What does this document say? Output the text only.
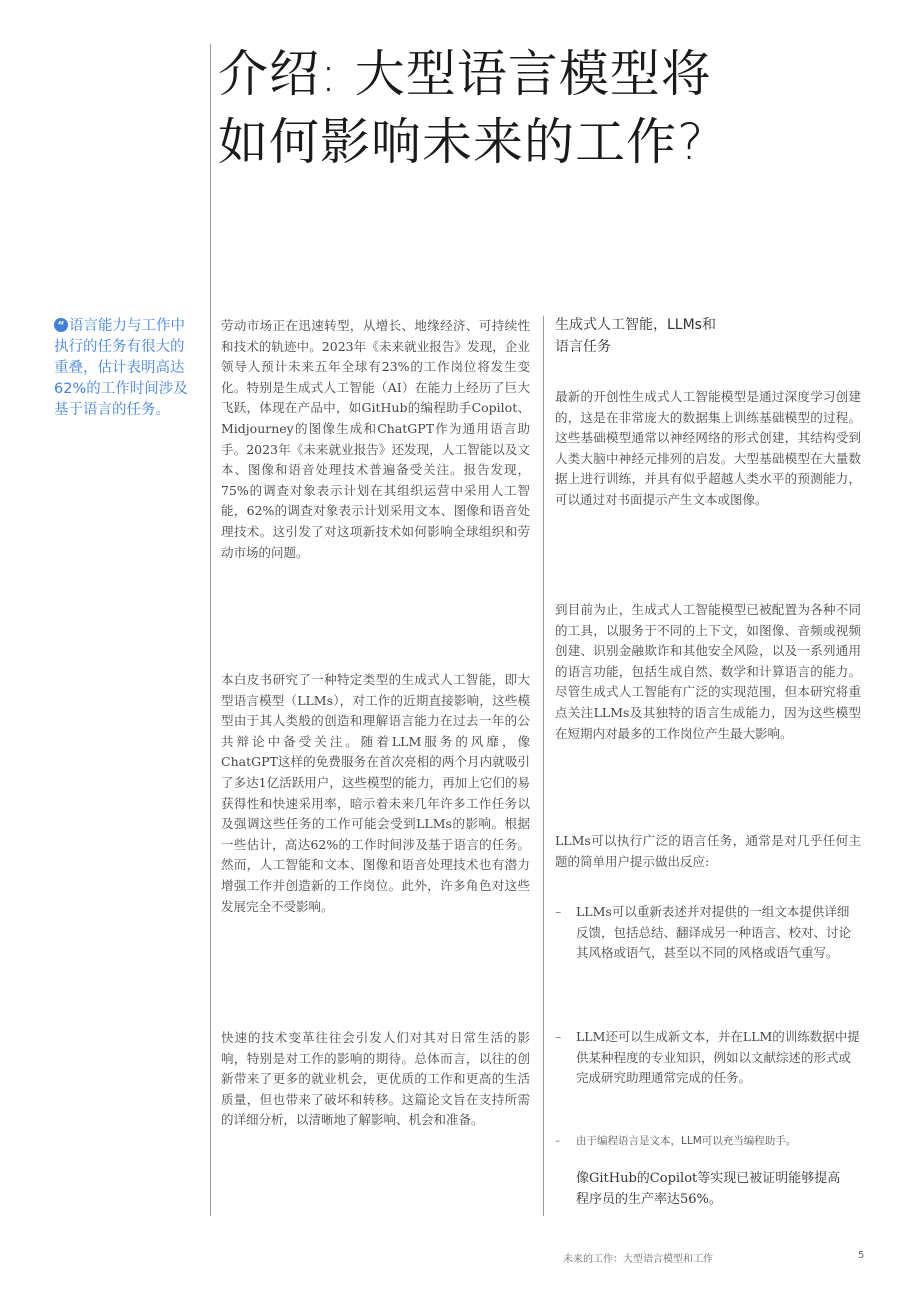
介绍: 大型语言模型将
如何影响未来的工作?
“ 语言能力与工作中执行的任务有很大的重叠，估计表明高达62%的工作时间涉及基于语言的任务。
劳动市场正在迅速转型，从增长、地缘经济、可持续性和技术的轨迹中。2023年《未来就业报告》发现，企业领导人预计未来五年全球有23%的工作岗位将发生变化。特别是生成式人工智能（AI）在能力上经历了巨大飞跃，体现在产品中，如GitHub的编程助手Copilot、Midjourney的图像生成和ChatGPT作为通用语言助手。2023年《未来就业报告》还发现，人工智能以及文本、图像和语音处理技术普遍备受关注。报告发现，75%的调查对象表示计划在其组织运营中采用人工智能，62%的调查对象表示计划采用文本、图像和语音处理技术。这引发了对这项新技术如何影响全球组织和劳动市场的问题。
本白皮书研究了一种特定类型的生成式人工智能，即大型语言模型（LLMs），对工作的近期直接影响，这些模型由于其人类般的创造和理解语言能力在过去一年的公共辩论中备受关注。随着LLM服务的风靡，像ChatGPT这样的免费服务在首次亮相的两个月内就吸引了多达1亿活跃用户，这些模型的能力，再加上它们的易获得性和快速采用率，暗示着未来几年许多工作任务以及强调这些任务的工作可能会受到LLMs的影响。根据一些估计，高达62%的工作时间涉及基于语言的任务。然而，人工智能和文本、图像和语音处理技术也有潜力增强工作并创造新的工作岗位。此外，许多角色对这些发展完全不受影响。
快速的技术变革往往会引发人们对其对日常生活的影响，特别是对工作的影响的期待。总体而言，以往的创新带来了更多的就业机会，更优质的工作和更高的生活质量，但也带来了破坏和转移。这篇论文旨在支持所需的详细分析，以清晰地了解影响、机会和准备。
生成式人工智能，LLMs和
语言任务
最新的开创性生成式人工智能模型是通过深度学习创建的，这是在非常庞大的数据集上训练基础模型的过程。这些基础模型通常以神经网络的形式创建，其结构受到人类大脑中神经元排列的启发。大型基础模型在大量数据上进行训练，并具有似乎超越人类水平的预测能力，可以通过对书面提示产生文本或图像。
到目前为止，生成式人工智能模型已被配置为各种不同的工具，以服务于不同的上下文，如图像、音频或视频创建、识别金融欺诈和其他安全风险，以及一系列通用的语言功能，包括生成自然、数学和计算语言的能力。尽管生成式人工智能有广泛的实现范围，但本研究将重点关注LLMs及其独特的语言生成能力，因为这些模型在短期内对最多的工作岗位产生最大影响。
LLMs可以执行广泛的语言任务，通常是对几乎任何主题的简单用户提示做出反应:
– LLMs可以重新表述并对提供的一组文本提供详细反馈，包括总结、翻译成另一种语言、校对、讨论其风格或语气，甚至以不同的风格或语气重写。
– LLM还可以生成新文本，并在LLM的训练数据中提供某种程度的专业知识，例如以文献综述的形式或完成研究助理通常完成的任务。
– 由于编程语言是文本，LLM可以充当编程助手。
像GitHub的Copilot等实现已被证明能够提高程序员的生产率达56%。
未来的工作：大型语言模型和工作	5
